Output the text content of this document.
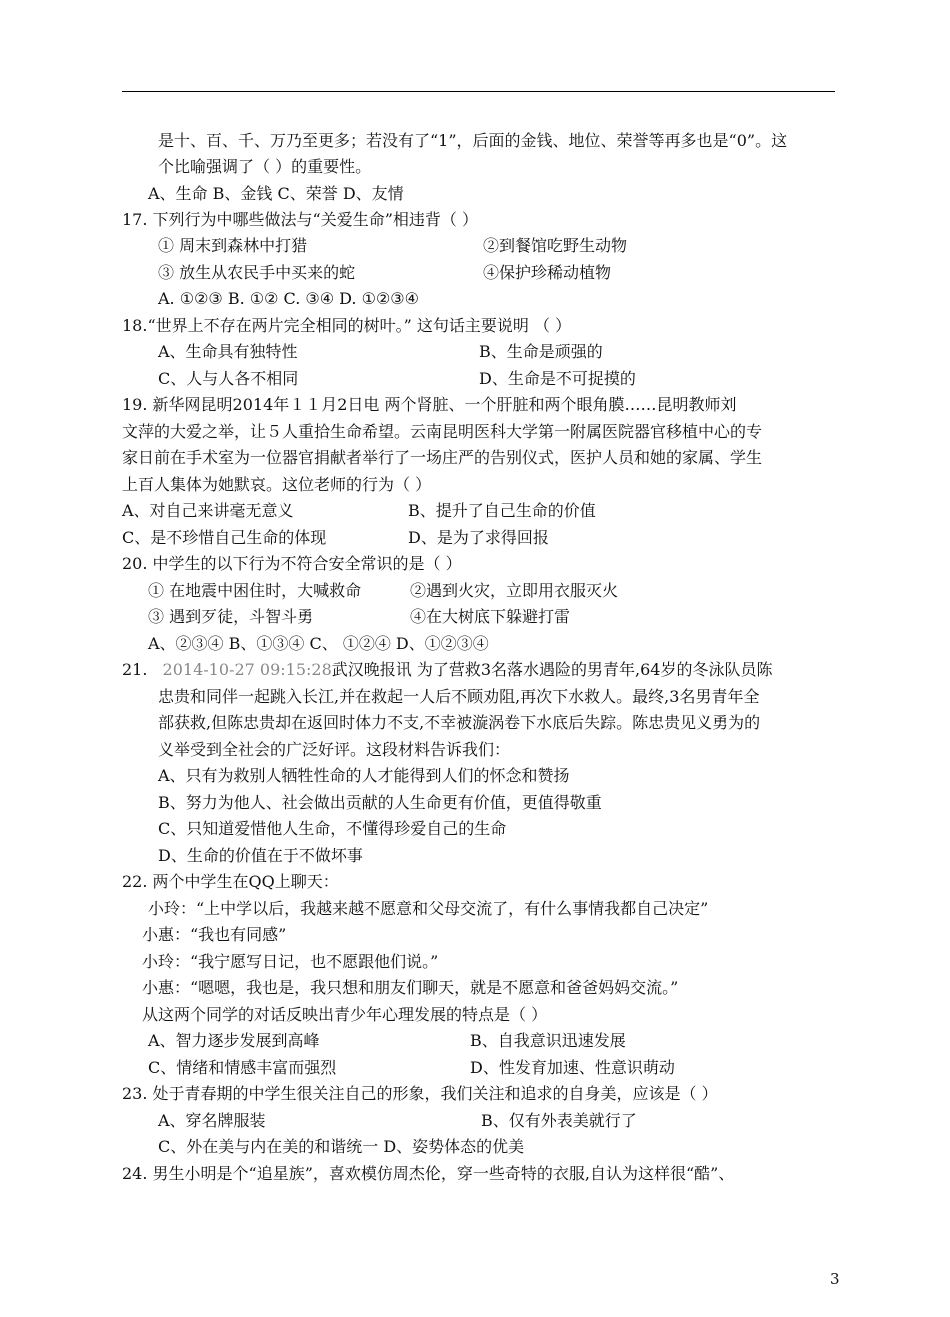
是十、百、千、万乃至更多；若没有了“1”，后面的金钱、地位、荣誉等再多也是“0”。这
个比喻强调了（ ）的重要性。
A、生命 B、金钱 C、荣誉 D、友情
17. 下列行为中哪些做法与“关爱生命”相违背（ ）
① 周末到森林中打猎	②到餐馆吃野生动物
③ 放生从农民手中买来的蛇	④保护珍稀动植物
A. ①②③ B. ①② C. ③④ D. ①②③④
18.“世界上不存在两片完全相同的树叶。” 这句话主要说明 （ ）
A、生命具有独特性	B、生命是顽强的
C、人与人各不相同	D、生命是不可捉摸的
19. 新华网昆明2014年１１月2日电 两个肾脏、一个肝脏和两个眼角膜……昆明教师刘
文萍的大爱之举，让５人重拾生命希望。云南昆明医科大学第一附属医院器官移植中心的专
家日前在手术室为一位器官捐献者举行了一场庄严的告别仪式，医护人员和她的家属、学生
上百人集体为她默哀。这位老师的行为（ ）
A、对自己来讲毫无意义	B、提升了自己生命的价值
C、是不珍惜自己生命的体现	D、是为了求得回报
20. 中学生的以下行为不符合安全常识的是（ ）
① 在地震中困住时，大喊救命	②遇到火灾，立即用衣服灭火
③ 遇到歹徒，斗智斗勇	④在大树底下躲避打雷
A、②③④ B、①③④ C、 ①②④ D、①②③④
21. 2014-10-27 09:15:28武汉晚报讯 为了营救3名落水遇险的男青年,64岁的冬泳队员陈
忠贵和同伴一起跳入长江,并在救起一人后不顾劝阻,再次下水救人。最终,3名男青年全
部获救,但陈忠贵却在返回时体力不支,不幸被漩涡卷下水底后失踪。陈忠贵见义勇为的
义举受到全社会的广泛好评。这段材料告诉我们：
A、只有为救别人牺牲性命的人才能得到人们的怀念和赞扬
B、努力为他人、社会做出贡献的人生命更有价值，更值得敬重
C、只知道爱惜他人生命，不懂得珍爱自己的生命
D、生命的价值在于不做坏事
22. 两个中学生在QQ上聊天：
小玲：“上中学以后，我越来越不愿意和父母交流了，有什么事情我都自己决定”
小惠：“我也有同感”
小玲：“我宁愿写日记，也不愿跟他们说。”
小惠：“嗯嗯，我也是，我只想和朋友们聊天，就是不愿意和爸爸妈妈交流。”
从这两个同学的对话反映出青少年心理发展的特点是（ ）
A、智力逐步发展到高峰	B、自我意识迅速发展
C、情绪和情感丰富而强烈	D、性发育加速、性意识萌动
23. 处于青春期的中学生很关注自己的形象，我们关注和追求的自身美，应该是（ ）
A、穿名牌服装	B、仅有外表美就行了
C、外在美与内在美的和谐统一 D、姿势体态的优美
24. 男生小明是个“追星族”，喜欢模仿周杰伦，穿一些奇特的衣服,自认为这样很“酷”、
3
